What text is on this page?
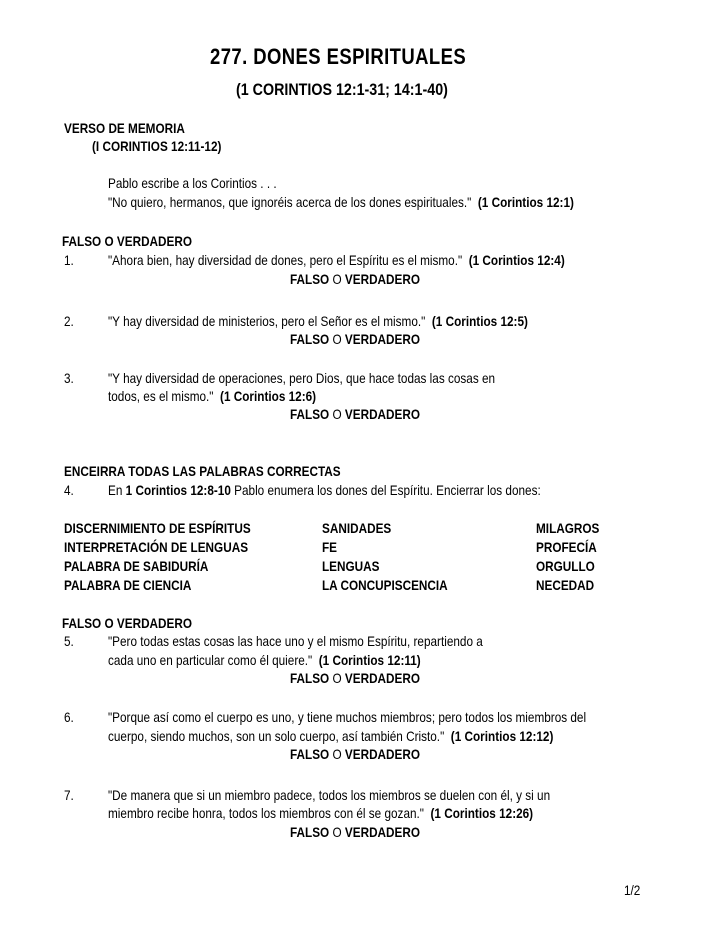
277. DONES ESPIRITUALES
(1 CORINTIOS 12:1-31; 14:1-40)
VERSO DE MEMORIA
(I CORINTIOS 12:11-12)
Pablo escribe a los Corintios . . .
"No quiero, hermanos, que ignoréis acerca de los dones espirituales." (1 Corintios 12:1)
FALSO O VERDADERO
1. "Ahora bien, hay diversidad de dones, pero el Espíritu es el mismo." (1 Corintios 12:4)
FALSO O VERDADERO
2. "Y hay diversidad de ministerios, pero el Señor es el mismo." (1 Corintios 12:5)
FALSO O VERDADERO
3. "Y hay diversidad de operaciones, pero Dios, que hace todas las cosas en
todos, es el mismo." (1 Corintios 12:6)
FALSO O VERDADERO
ENCEIRRA TODAS LAS PALABRAS CORRECTAS
4. En 1 Corintios 12:8-10 Pablo enumera los dones del Espíritu. Encierrar los dones:
DISCERNIMIENTO DE ESPÍRITUS	SANIDADES	MILAGROS
INTERPRETACIÓN DE LENGUAS	FE	PROFECÍA
PALABRA DE SABIDURÍA	LENGUAS	ORGULLO
PALABRA DE CIENCIA	LA CONCUPISCENCIA	NECEDAD
FALSO O VERDADERO
5. "Pero todas estas cosas las hace uno y el mismo Espíritu, repartiendo a
cada uno en particular como él quiere." (1 Corintios 12:11)
FALSO O VERDADERO
6. "Porque así como el cuerpo es uno, y tiene muchos miembros; pero todos los miembros del
cuerpo, siendo muchos, son un solo cuerpo, así también Cristo." (1 Corintios 12:12)
FALSO O VERDADERO
7. "De manera que si un miembro padece, todos los miembros se duelen con él, y si un
miembro recibe honra, todos los miembros con él se gozan." (1 Corintios 12:26)
FALSO O VERDADERO
1/2
